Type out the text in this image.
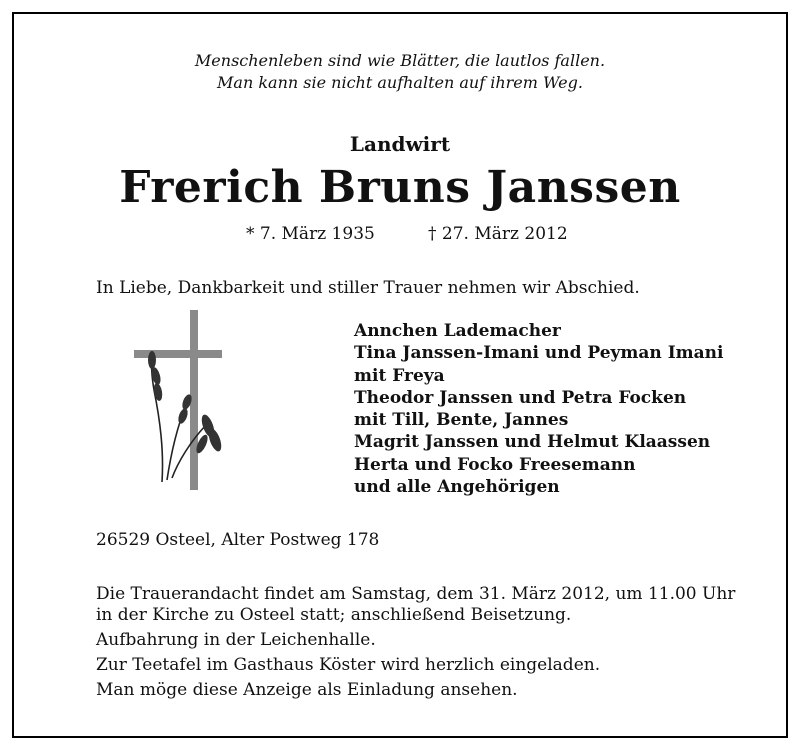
Menschenleben sind wie Blätter, die lautlos fallen.
Man kann sie nicht aufhalten auf ihrem Weg.
Landwirt
Frerich Bruns Janssen
* 7. März 1935	† 27. März 2012
In Liebe, Dankbarkeit und stiller Trauer nehmen wir Abschied.
Annchen Lademacher
Tina Janssen-Imani und Peyman Imani
mit Freya
Theodor Janssen und Petra Focken
mit Till, Bente, Jannes
Magrit Janssen und Helmut Klaassen
Herta und Focko Freesemann
und alle Angehörigen
26529 Osteel, Alter Postweg 178
Die Trauerandacht findet am Samstag, dem 31. März 2012, um 11.00 Uhr
in der Kirche zu Osteel statt; anschließend Beisetzung.
Aufbahrung in der Leichenhalle.
Zur Teetafel im Gasthaus Köster wird herzlich eingeladen.
Man möge diese Anzeige als Einladung ansehen.
